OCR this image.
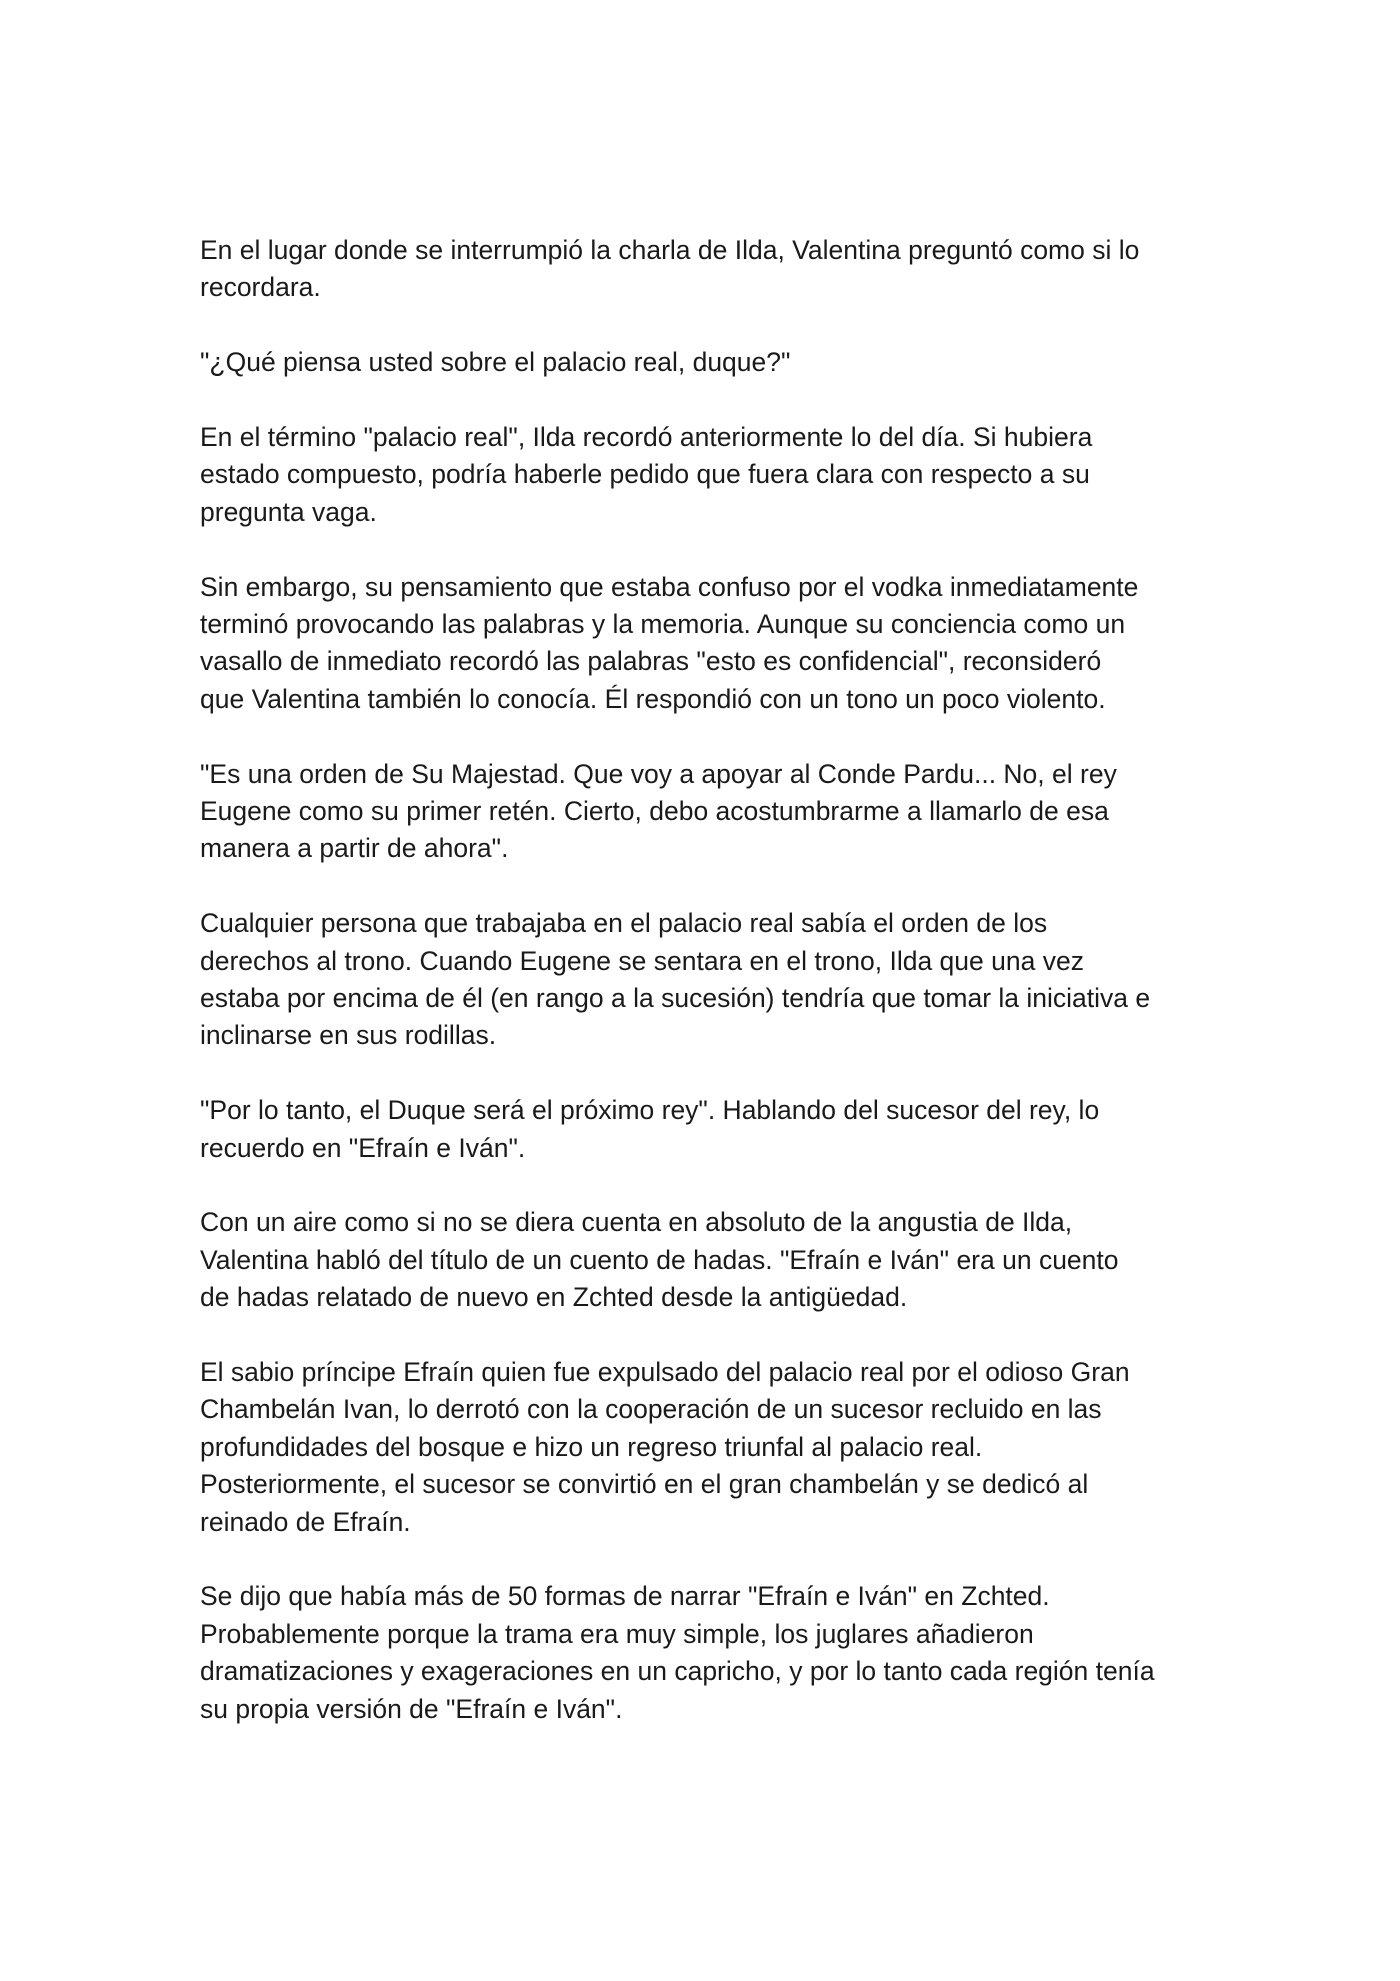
En el lugar donde se interrumpió la charla de Ilda, Valentina preguntó como si lo
recordara.

"¿Qué piensa usted sobre el palacio real, duque?"

En el término "palacio real", Ilda recordó anteriormente lo del día. Si hubiera
estado compuesto, podría haberle pedido que fuera clara con respecto a su
pregunta vaga.

Sin embargo, su pensamiento que estaba confuso por el vodka inmediatamente
terminó provocando las palabras y la memoria. Aunque su conciencia como un
vasallo de inmediato recordó las palabras "esto es confidencial", reconsideró
que Valentina también lo conocía. Él respondió con un tono un poco violento.

"Es una orden de Su Majestad. Que voy a apoyar al Conde Pardu... No, el rey
Eugene como su primer retén. Cierto, debo acostumbrarme a llamarlo de esa
manera a partir de ahora".

Cualquier persona que trabajaba en el palacio real sabía el orden de los
derechos al trono. Cuando Eugene se sentara en el trono, Ilda que una vez
estaba por encima de él (en rango a la sucesión) tendría que tomar la iniciativa e
inclinarse en sus rodillas.

"Por lo tanto, el Duque será el próximo rey". Hablando del sucesor del rey, lo
recuerdo en "Efraín e Iván".

Con un aire como si no se diera cuenta en absoluto de la angustia de Ilda,
Valentina habló del título de un cuento de hadas. "Efraín e Iván" era un cuento
de hadas relatado de nuevo en Zchted desde la antigüedad.

El sabio príncipe Efraín quien fue expulsado del palacio real por el odioso Gran
Chambelán Ivan, lo derrotó con la cooperación de un sucesor recluido en las
profundidades del bosque e hizo un regreso triunfal al palacio real.
Posteriormente, el sucesor se convirtió en el gran chambelán y se dedicó al
reinado de Efraín.

Se dijo que había más de 50 formas de narrar "Efraín e Iván" en Zchted.
Probablemente porque la trama era muy simple, los juglares añadieron
dramatizaciones y exageraciones en un capricho, y por lo tanto cada región tenía
su propia versión de "Efraín e Iván".
